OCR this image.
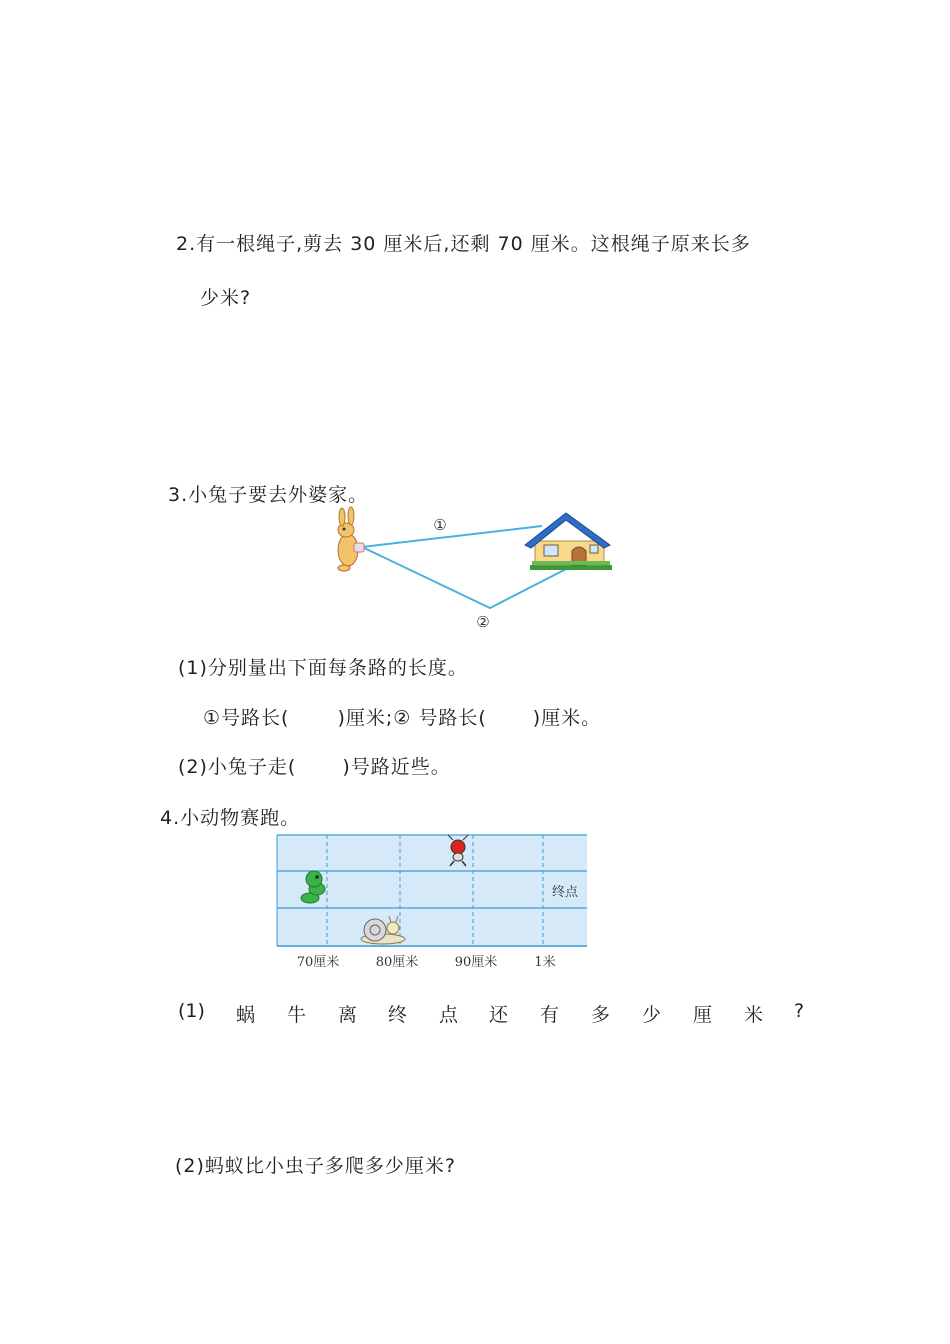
2.有一根绳子,剪去 30 厘米后,还剩 70 厘米。这根绳子原来长多
少米?
3.小兔子要去外婆家。
①
②
(1)分别量出下面每条路的长度。
①号路长(	)厘米;② 号路长( )厘米。
(2)小兔子走( )号路近些。
4.小动物赛跑。
终点
70厘米	80厘米	90厘米	1米
(1) 蜗 牛 离 终 点 还 有 多 少 厘 米 ?
(2)蚂蚁比小虫子多爬多少厘米?
